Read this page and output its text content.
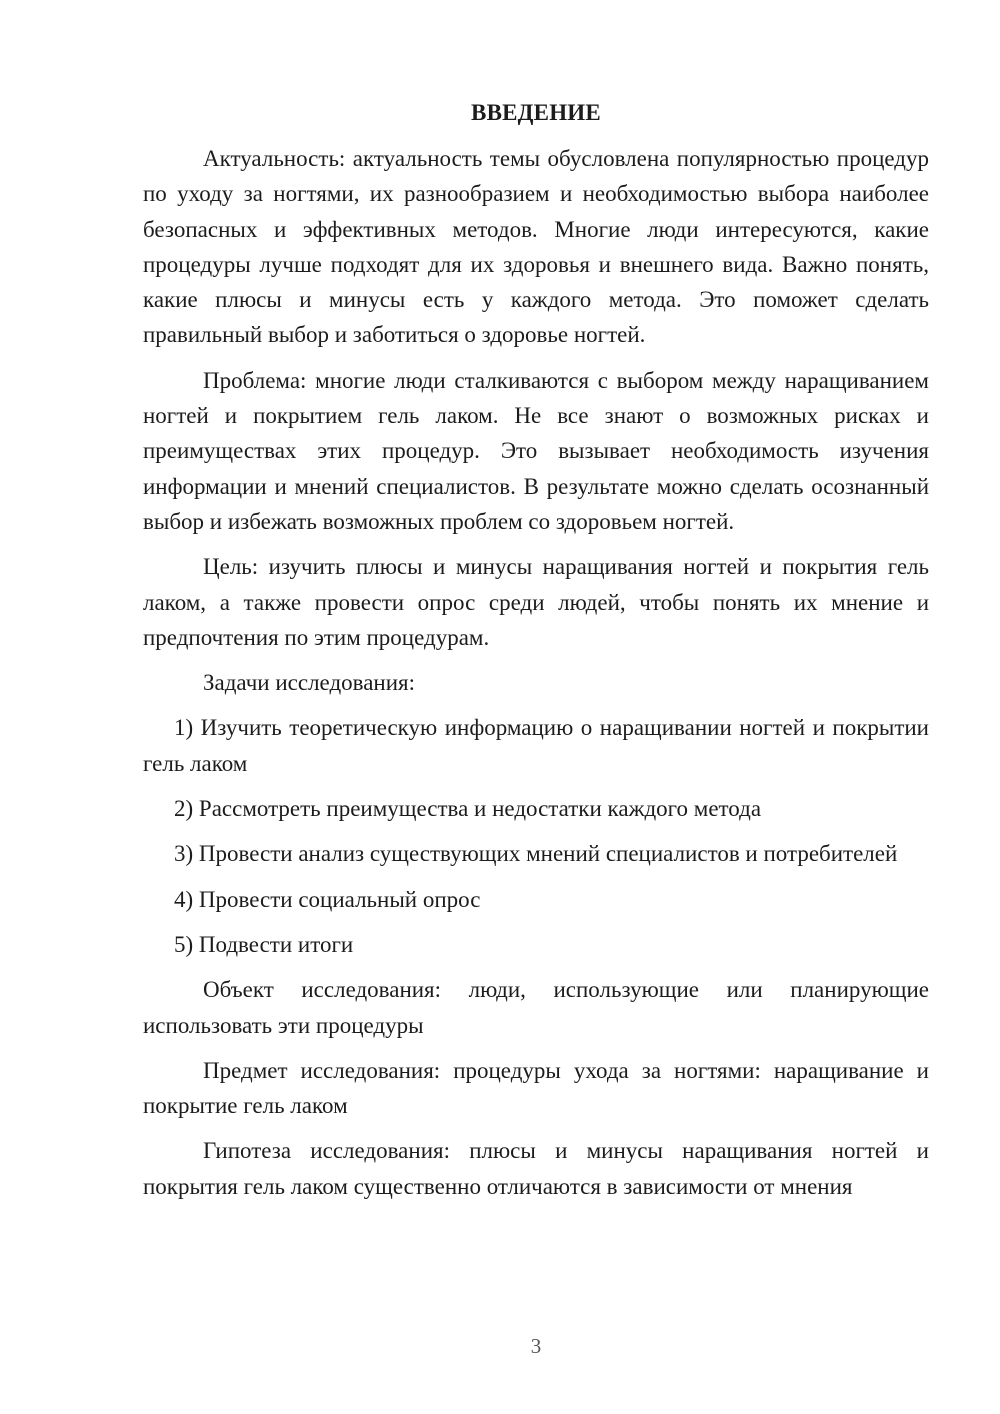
ВВЕДЕНИЕ

Актуальность: актуальность темы обусловлена популярностью процедур по уходу за ногтями, их разнообразием и необходимостью выбора наиболее безопасных и эффективных методов. Многие люди интересуются, какие процедуры лучше подходят для их здоровья и внешнего вида. Важно понять, какие плюсы и минусы есть у каждого метода. Это поможет сделать правильный выбор и заботиться о здоровье ногтей.

Проблема: многие люди сталкиваются с выбором между наращиванием ногтей и покрытием гель лаком. Не все знают о возможных рисках и преимуществах этих процедур. Это вызывает необходимость изучения информации и мнений специалистов. В результате можно сделать осознанный выбор и избежать возможных проблем со здоровьем ногтей.

Цель: изучить плюсы и минусы наращивания ногтей и покрытия гель лаком, а также провести опрос среди людей, чтобы понять их мнение и предпочтения по этим процедурам.

Задачи исследования:

1) Изучить теоретическую информацию о наращивании ногтей и покрытии гель лаком

2) Рассмотреть преимущества и недостатки каждого метода

3) Провести анализ существующих мнений специалистов и потребителей

4) Провести социальный опрос

5) Подвести итоги

Объект исследования: люди, использующие или планирующие использовать эти процедуры

Предмет исследования: процедуры ухода за ногтями: наращивание и покрытие гель лаком

Гипотеза исследования: плюсы и минусы наращивания ногтей и покрытия гель лаком существенно отличаются в зависимости от мнения

3
